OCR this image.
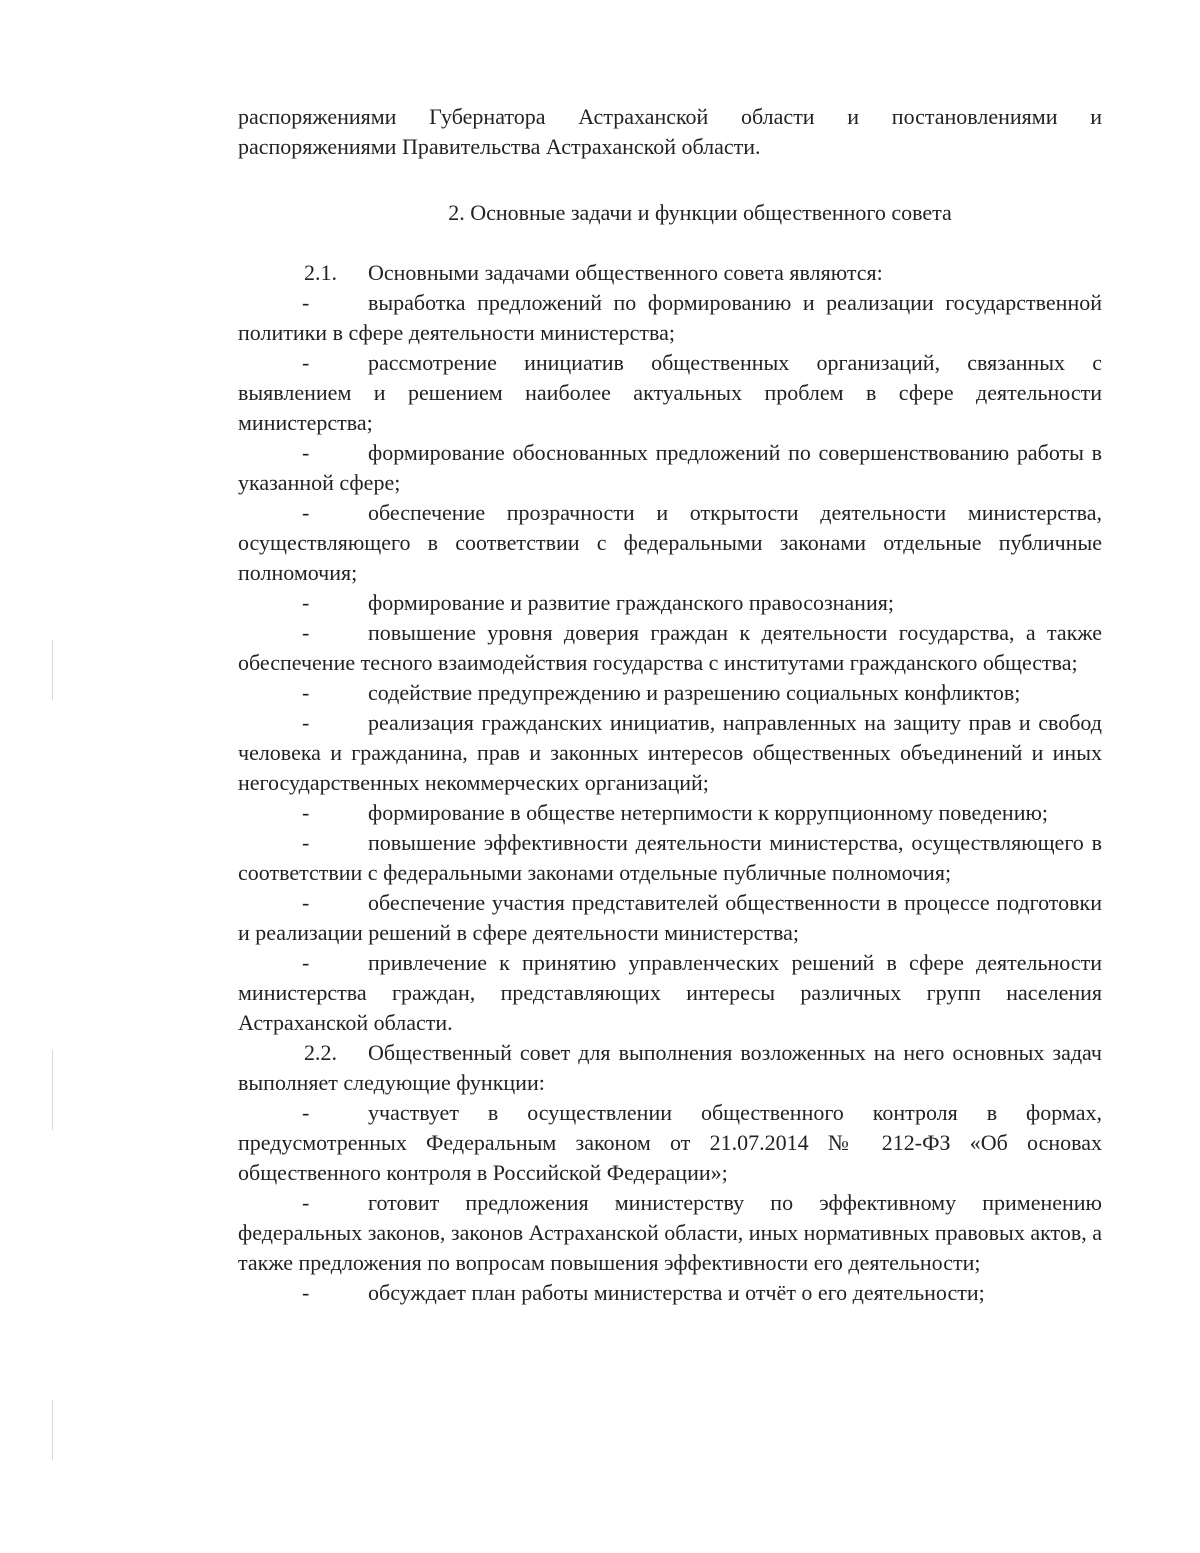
распоряжениями Губернатора Астраханской области и постановлениями и распоряжениями Правительства Астраханской области.

2. Основные задачи и функции общественного совета

2.1. Основными задачами общественного совета являются:

-	выработка предложений по формированию и реализации государственной политики в сфере деятельности министерства;

-	рассмотрение инициатив общественных организаций, связанных с выявлением и решением наиболее актуальных проблем в сфере деятельности министерства;

-	формирование обоснованных предложений по совершенствованию работы в указанной сфере;

-	обеспечение прозрачности и открытости деятельности министерства, осуществляющего в соответствии с федеральными законами отдельные публичные полномочия;

-	формирование и развитие гражданского правосознания;

-	повышение уровня доверия граждан к деятельности государства, а также обеспечение тесного взаимодействия государства с институтами гражданского общества;

-	содействие предупреждению и разрешению социальных конфликтов;

-	реализация гражданских инициатив, направленных на защиту прав и свобод человека и гражданина, прав и законных интересов общественных объединений и иных негосударственных некоммерческих организаций;

-	формирование в обществе нетерпимости к коррупционному поведению;

-	повышение эффективности деятельности министерства, осуществляющего в соответствии с федеральными законами отдельные публичные полномочия;

-	обеспечение участия представителей общественности в процессе подготовки и реализации решений в сфере деятельности министерства;

-	привлечение к принятию управленческих решений в сфере деятельности министерства граждан, представляющих интересы различных групп населения Астраханской области.

2.2. Общественный совет для выполнения возложенных на него основных задач выполняет следующие функции:

-	участвует в осуществлении общественного контроля в формах, предусмотренных Федеральным законом от 21.07.2014 № 212-ФЗ «Об основах общественного контроля в Российской Федерации»;

-	готовит предложения министерству по эффективному применению федеральных законов, законов Астраханской области, иных нормативных правовых актов, а также предложения по вопросам повышения эффективности его деятельности;

-	обсуждает план работы министерства и отчёт о его деятельности;
